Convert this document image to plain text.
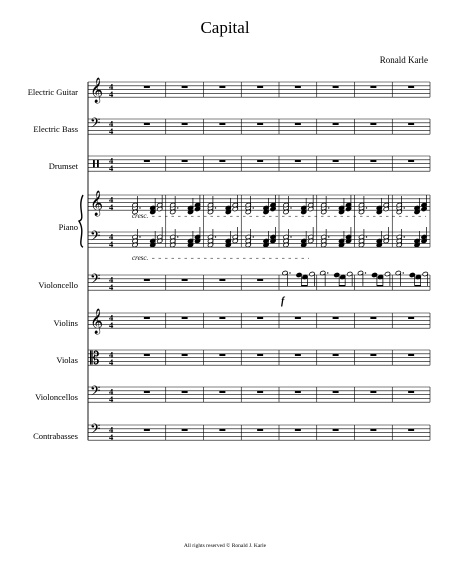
Capital
Ronald Karle
Electric Guitar
Electric Bass
Drumset
Piano
Violoncello
Violins
Violas
Violoncellos
Contrabasses
𝄞 4
4
𝄢 4
4
4
4
𝄞 4
4
𝄢 4
4
𝄢 4
4
𝄞 4
4
𝄡 4
4
𝄢 4
4
𝄢 4
4
cresc.
cresc.
f
All rights reserved © Ronald J. Karle
